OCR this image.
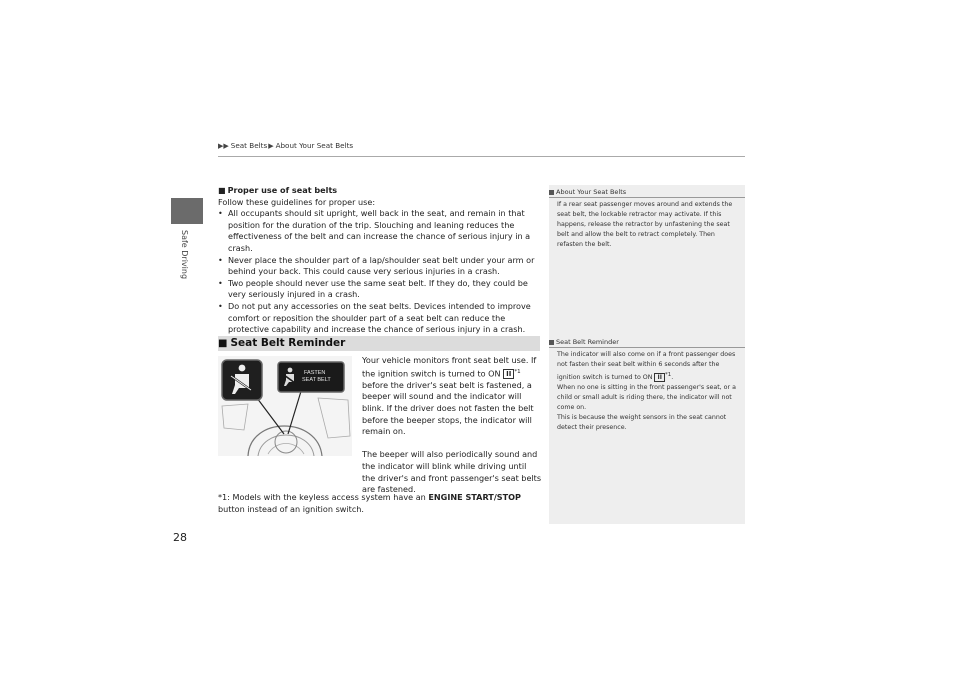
Safe Driving
▶▶ Seat Belts ▶ About Your Seat Belts
■ Proper use of seat belts
Follow these guidelines for proper use:
• All occupants should sit upright, well back in the seat, and remain in that position for the duration of the trip. Slouching and leaning reduces the effectiveness of the belt and can increase the chance of serious injury in a crash.
• Never place the shoulder part of a lap/shoulder seat belt under your arm or behind your back. This could cause very serious injuries in a crash.
• Two people should never use the same seat belt. If they do, they could be very seriously injured in a crash.
• Do not put any accessories on the seat belts. Devices intended to improve comfort or reposition the shoulder part of a seat belt can reduce the protective capability and increase the chance of serious injury in a crash.
■ Seat Belt Reminder
FASTEN
SEAT BELT
Your vehicle monitors front seat belt use. If the ignition switch is turned to ON II $^{*1}$ before the driver's seat belt is fastened, a beeper will sound and the indicator will blink. If the driver does not fasten the belt before the beeper stops, the indicator will remain on.
The beeper will also periodically sound and the indicator will blink while driving until the driver's and front passenger's seat belts are fastened.
*1: Models with the keyless access system have an ENGINE START/STOP button instead of an ignition switch.
About Your Seat Belts
If a rear seat passenger moves around and extends the seat belt, the lockable retractor may activate. If this happens, release the retractor by unfastening the seat belt and allow the belt to retract completely. Then refasten the belt.
Seat Belt Reminder
The indicator will also come on if a front passenger does not fasten their seat belt within 6 seconds after the ignition switch is turned to ON II *1.
When no one is sitting in the front passenger's seat, or a child or small adult is riding there, the indicator will not come on.
This is because the weight sensors in the seat cannot detect their presence.
28
